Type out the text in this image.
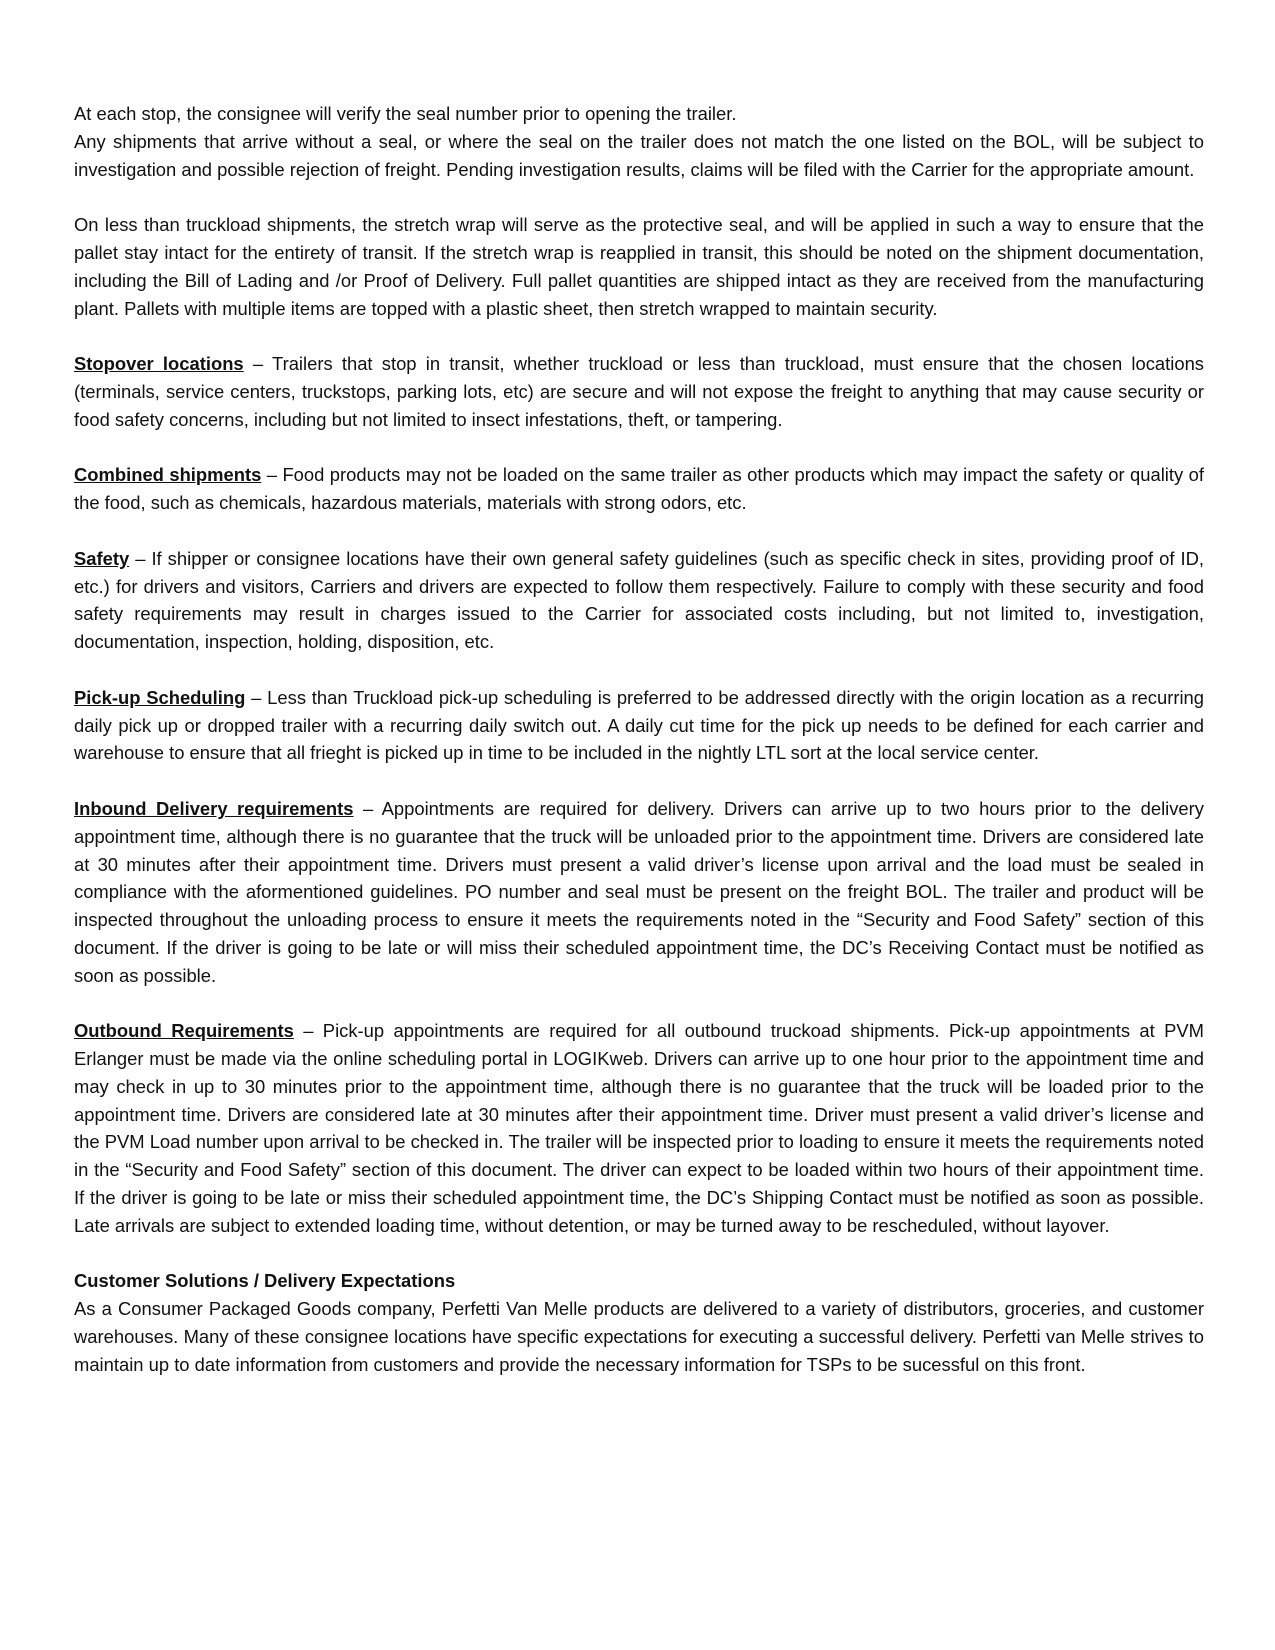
At each stop, the consignee will verify the seal number prior to opening the trailer.
Any shipments that arrive without a seal, or where the seal on the trailer does not match the one listed on the BOL, will be subject to investigation and possible rejection of freight. Pending investigation results, claims will be filed with the Carrier for the appropriate amount.

On less than truckload shipments, the stretch wrap will serve as the protective seal, and will be applied in such a way to ensure that the pallet stay intact for the entirety of transit. If the stretch wrap is reapplied in transit, this should be noted on the shipment documentation, including the Bill of Lading and /or Proof of Delivery. Full pallet quantities are shipped intact as they are received from the manufacturing plant. Pallets with multiple items are topped with a plastic sheet, then stretch wrapped to maintain security.

Stopover locations – Trailers that stop in transit, whether truckload or less than truckload, must ensure that the chosen locations (terminals, service centers, truckstops, parking lots, etc) are secure and will not expose the freight to anything that may cause security or food safety concerns, including but not limited to insect infestations, theft, or tampering.

Combined shipments – Food products may not be loaded on the same trailer as other products which may impact the safety or quality of the food, such as chemicals, hazardous materials, materials with strong odors, etc.

Safety – If shipper or consignee locations have their own general safety guidelines (such as specific check in sites, providing proof of ID, etc.) for drivers and visitors, Carriers and drivers are expected to follow them respectively. Failure to comply with these security and food safety requirements may result in charges issued to the Carrier for associated costs including, but not limited to, investigation, documentation, inspection, holding, disposition, etc.

Pick-up Scheduling – Less than Truckload pick-up scheduling is preferred to be addressed directly with the origin location as a recurring daily pick up or dropped trailer with a recurring daily switch out. A daily cut time for the pick up needs to be defined for each carrier and warehouse to ensure that all frieght is picked up in time to be included in the nightly LTL sort at the local service center.

Inbound Delivery requirements – Appointments are required for delivery. Drivers can arrive up to two hours prior to the delivery appointment time, although there is no guarantee that the truck will be unloaded prior to the appointment time. Drivers are considered late at 30 minutes after their appointment time. Drivers must present a valid driver’s license upon arrival and the load must be sealed in compliance with the aformentioned guidelines. PO number and seal must be present on the freight BOL. The trailer and product will be inspected throughout the unloading process to ensure it meets the requirements noted in the “Security and Food Safety” section of this document. If the driver is going to be late or will miss their scheduled appointment time, the DC’s Receiving Contact must be notified as soon as possible.

Outbound Requirements – Pick-up appointments are required for all outbound truckoad shipments. Pick-up appointments at PVM Erlanger must be made via the online scheduling portal in LOGIKweb. Drivers can arrive up to one hour prior to the appointment time and may check in up to 30 minutes prior to the appointment time, although there is no guarantee that the truck will be loaded prior to the appointment time. Drivers are considered late at 30 minutes after their appointment time. Driver must present a valid driver’s license and the PVM Load number upon arrival to be checked in. The trailer will be inspected prior to loading to ensure it meets the requirements noted in the “Security and Food Safety” section of this document. The driver can expect to be loaded within two hours of their appointment time. If the driver is going to be late or miss their scheduled appointment time, the DC’s Shipping Contact must be notified as soon as possible. Late arrivals are subject to extended loading time, without detention, or may be turned away to be rescheduled, without layover.

Customer Solutions / Delivery Expectations

As a Consumer Packaged Goods company, Perfetti Van Melle products are delivered to a variety of distributors, groceries, and customer warehouses. Many of these consignee locations have specific expectations for executing a successful delivery. Perfetti van Melle strives to maintain up to date information from customers and provide the necessary information for TSPs to be sucessful on this front.
